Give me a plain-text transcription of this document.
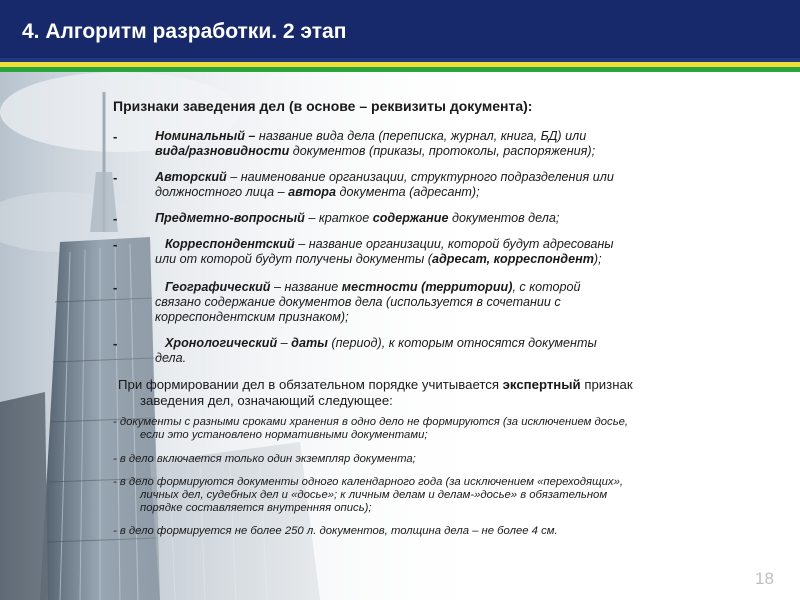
4. Алгоритм разработки. 2 этап
Признаки заведения дел (в основе – реквизиты документа):
-	Номинальный – название вида дела (переписка, журнал, книга, БД) или
вида/разновидности документов (приказы, протоколы, распоряжения);
-	Авторский – наименование организации, структурного подразделения или
должностного лица – автора документа (адресант);
-	Предметно-вопросный – краткое содержание документов дела;
-	Корреспондентский – название организации, которой будут адресованы
или от которой будут получены документы (адресат, корреспондент);
-	Географический – название местности (территории), с которой
связано содержание документов дела (используется в сочетании с
корреспондентским признаком);
-	Хронологический – даты (период), к которым относятся документы
дела.
При формировании дел в обязательном порядке учитывается экспертный признак
заведения дел, означающий следующее:
- документы с разными сроками хранения в одно дело не формируются (за исключением досье,
если это установлено нормативными документами;
- в дело включается только один экземпляр документа;
- в дело формируются документы одного календарного года (за исключением «переходящих»,
личных дел, судебных дел и «досье»; к личным делам и делам-»досье» в обязательном
порядке составляется внутренняя опись);
- в дело формируется не более 250 л. документов, толщина дела – не более 4 см.
18
